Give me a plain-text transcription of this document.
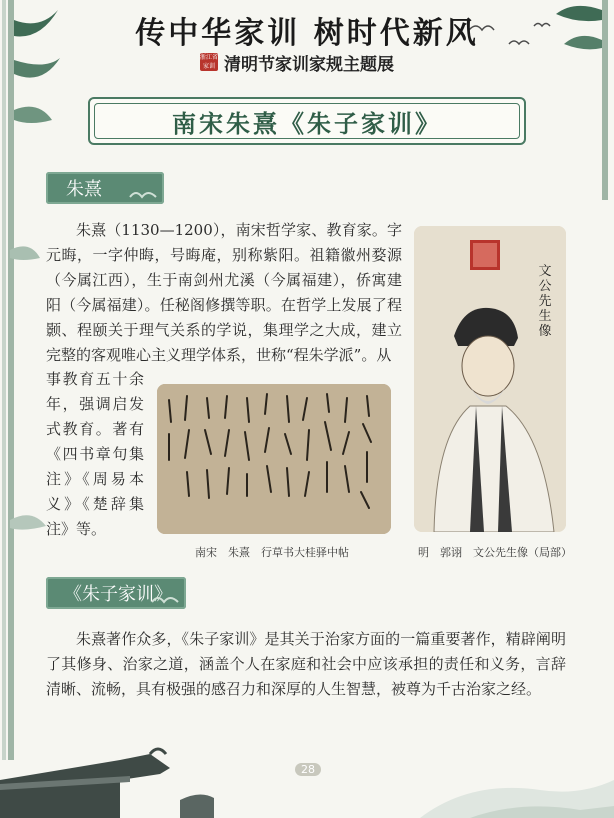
传中华家训 树时代新风
浙江省家训 清明节家训家规主题展
南宋朱熹《朱子家训》
朱熹
朱熹（1130—1200），南宋哲学家、教育家。字元晦，一字仲晦，号晦庵，别称紫阳。祖籍徽州婺源（今属江西），生于南剑州尤溪（今属福建），侨寓建阳（今属福建）。任秘阁修撰等职。在哲学上发展了程颢、程颐关于理气关系的学说，集理学之大成，建立完整的客观唯心主义理学体系，世称“程朱学派”。从
事教育五十余年，强调启发式教育。著有《四书章句集注》《周易本义》《楚辞集注》等。
文公先生像
南宋　朱熹　行草书大桂驿中帖	明　郭诩　文公先生像（局部）
《朱子家训》
朱熹著作众多，《朱子家训》是其关于治家方面的一篇重要著作，精辟阐明了其修身、治家之道，涵盖个人在家庭和社会中应该承担的责任和义务，言辞清晰、流畅，具有极强的感召力和深厚的人生智慧，被尊为千古治家之经。
28
